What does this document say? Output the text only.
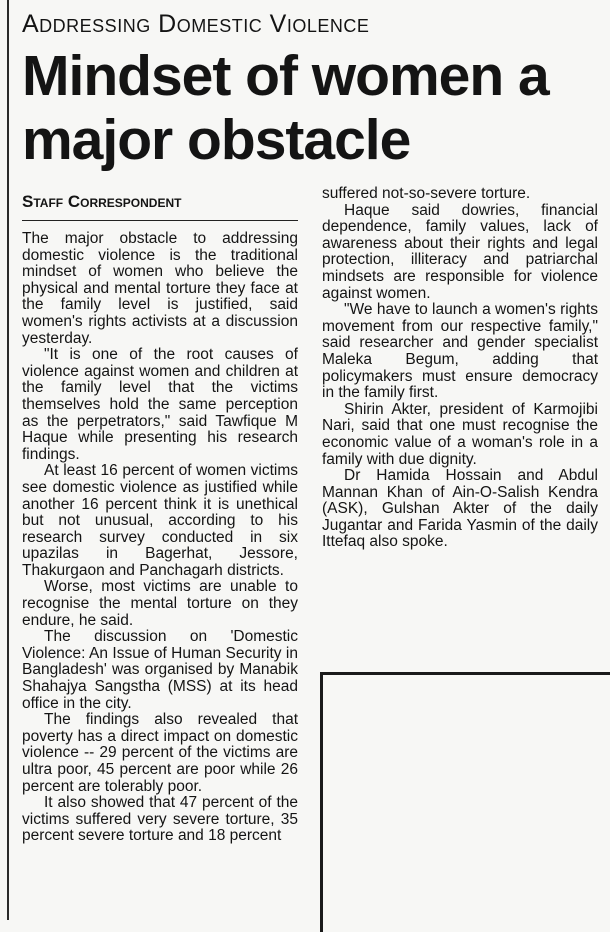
Addressing Domestic Violence
Mindset of women a major obstacle
Staff Correspondent

The major obstacle to addressing domestic violence is the traditional mindset of women who believe the physical and mental torture they face at the family level is justified, said women's rights activists at a discussion yesterday.

"It is one of the root causes of violence against women and children at the family level that the victims themselves hold the same perception as the perpetrators," said Tawfique M Haque while presenting his research findings.

At least 16 percent of women victims see domestic violence as justified while another 16 percent think it is unethical but not unusual, according to his research survey conducted in six upazilas in Bagerhat, Jessore, Thakurgaon and Panchagarh districts.

Worse, most victims are unable to recognise the mental torture on they endure, he said.

The discussion on 'Domestic Violence: An Issue of Human Security in Bangladesh' was organised by Manabik Shahajya Sangstha (MSS) at its head office in the city.

The findings also revealed that poverty has a direct impact on domestic violence -- 29 percent of the victims are ultra poor, 45 percent are poor while 26 percent are tolerably poor.

It also showed that 47 percent of the victims suffered very severe torture, 35 percent severe torture and 18 percent

suffered not-so-severe torture.

Haque said dowries, financial dependence, family values, lack of awareness about their rights and legal protection, illiteracy and patriarchal mindsets are responsible for violence against women.

"We have to launch a women's rights movement from our respective family," said researcher and gender specialist Maleka Begum, adding that policymakers must ensure democracy in the family first.

Shirin Akter, president of Karmojibi Nari, said that one must recognise the economic value of a woman's role in a family with due dignity.

Dr Hamida Hossain and Abdul Mannan Khan of Ain-O-Salish Kendra (ASK), Gulshan Akter of the daily Jugantar and Farida Yasmin of the daily Ittefaq also spoke.
